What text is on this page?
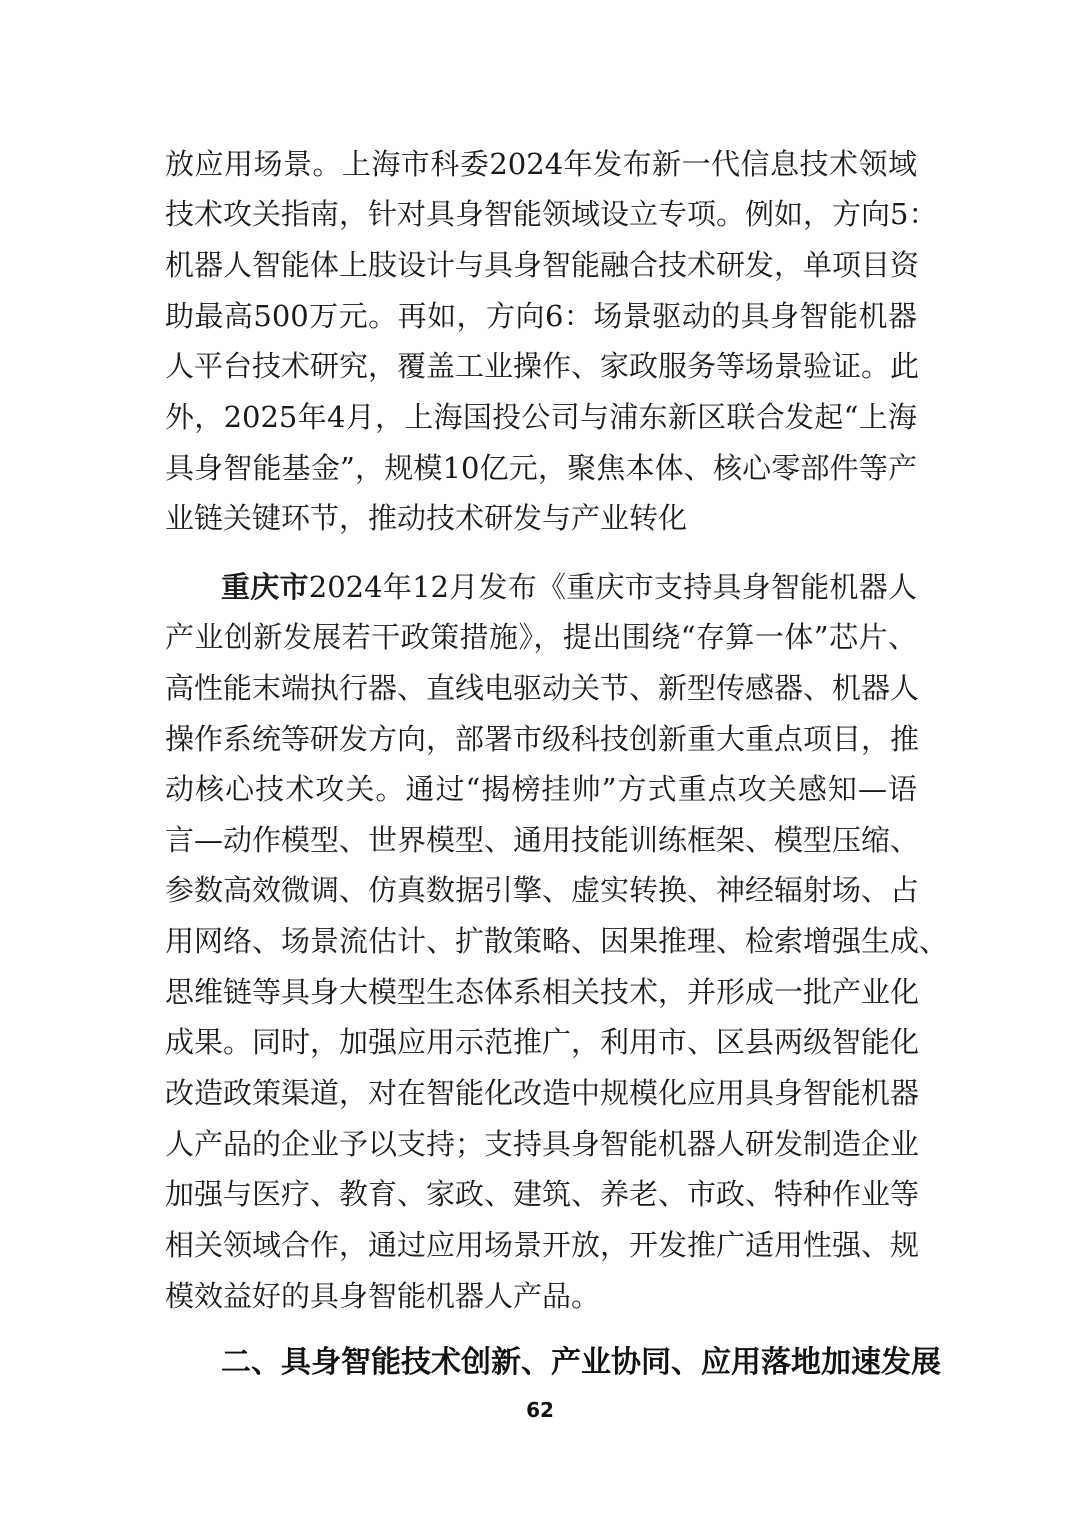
放应用场景。上海市科委2024年发布新一代信息技术领域
技术攻关指南，针对具身智能领域设立专项。例如，方向5：
机器人智能体上肢设计与具身智能融合技术研发，单项目资
助最高500万元。再如，方向6：场景驱动的具身智能机器
人平台技术研究，覆盖工业操作、家政服务等场景验证。此
外，2025年4月，上海国投公司与浦东新区联合发起“上海
具身智能基金”，规模10亿元，聚焦本体、核心零部件等产
业链关键环节，推动技术研发与产业转化
重庆市2024年12月发布《重庆市支持具身智能机器人
产业创新发展若干政策措施》，提出围绕“存算一体”芯片、
高性能末端执行器、直线电驱动关节、新型传感器、机器人
操作系统等研发方向，部署市级科技创新重大重点项目，推
动核心技术攻关。通过“揭榜挂帅”方式重点攻关感知—语
言—动作模型、世界模型、通用技能训练框架、模型压缩、
参数高效微调、仿真数据引擎、虚实转换、神经辐射场、占
用网络、场景流估计、扩散策略、因果推理、检索增强生成、
思维链等具身大模型生态体系相关技术，并形成一批产业化
成果。同时，加强应用示范推广，利用市、区县两级智能化
改造政策渠道，对在智能化改造中规模化应用具身智能机器
人产品的企业予以支持；支持具身智能机器人研发制造企业
加强与医疗、教育、家政、建筑、养老、市政、特种作业等
相关领域合作，通过应用场景开放，开发推广适用性强、规
模效益好的具身智能机器人产品。
二、具身智能技术创新、产业协同、应用落地加速发展
62
